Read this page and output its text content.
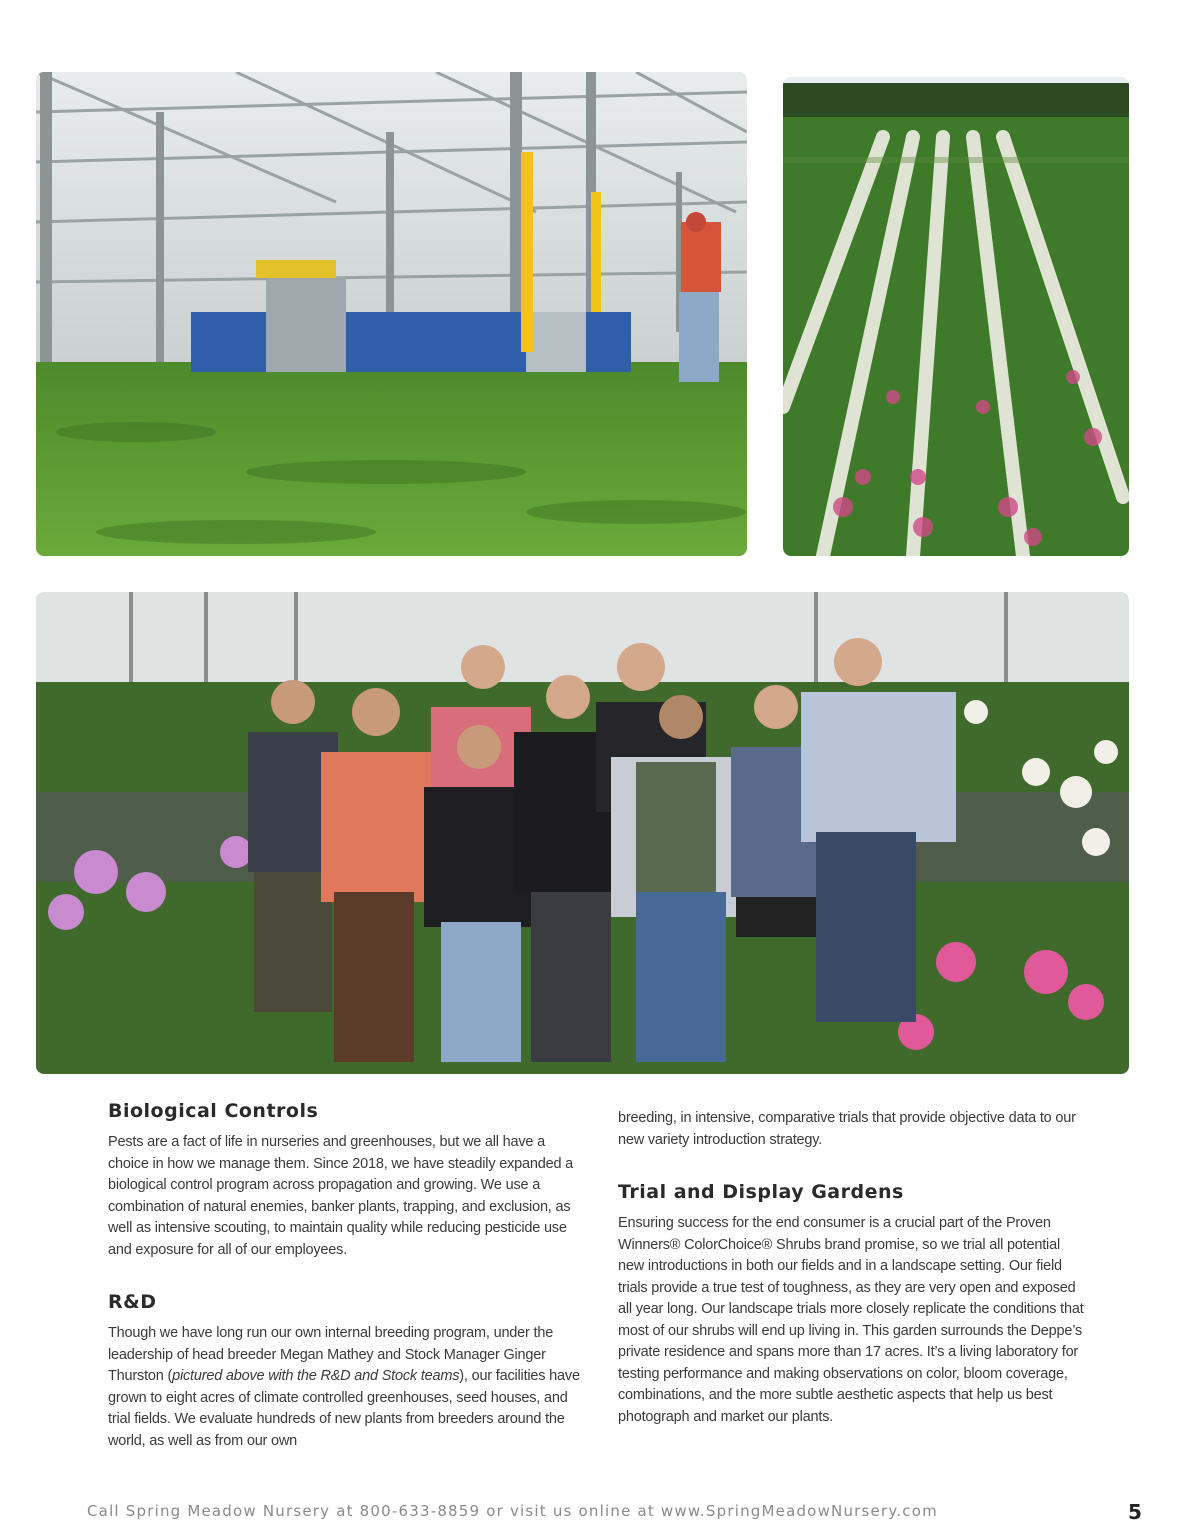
Biological Controls

Pests are a fact of life in nurseries and greenhouses, but we all have a choice in how we manage them. Since 2018, we have steadily expanded a biological control program across propagation and growing. We use a combination of natural enemies, banker plants, trapping, and exclusion, as well as intensive scouting, to maintain quality while reducing pesticide use and exposure for all of our employees.

R&D

Though we have long run our own internal breeding program, under the leadership of head breeder Megan Mathey and Stock Manager Ginger Thurston (pictured above with the R&D and Stock teams), our facilities have grown to eight acres of climate controlled greenhouses, seed houses, and trial fields. We evaluate hundreds of new plants from breeders around the world, as well as from our own

breeding, in intensive, comparative trials that provide objective data to our new variety introduction strategy.

Trial and Display Gardens

Ensuring success for the end consumer is a crucial part of the Proven Winners® ColorChoice® Shrubs brand promise, so we trial all potential new introductions in both our fields and in a landscape setting. Our field trials provide a true test of toughness, as they are very open and exposed all year long. Our landscape trials more closely replicate the conditions that most of our shrubs will end up living in. This garden surrounds the Deppe’s private residence and spans more than 17 acres. It’s a living laboratory for testing performance and making observations on color, bloom coverage, combinations, and the more subtle aesthetic aspects that help us best photograph and market our plants.

Call Spring Meadow Nursery at 800-633-8859 or visit us online at www.SpringMeadowNursery.com	5
